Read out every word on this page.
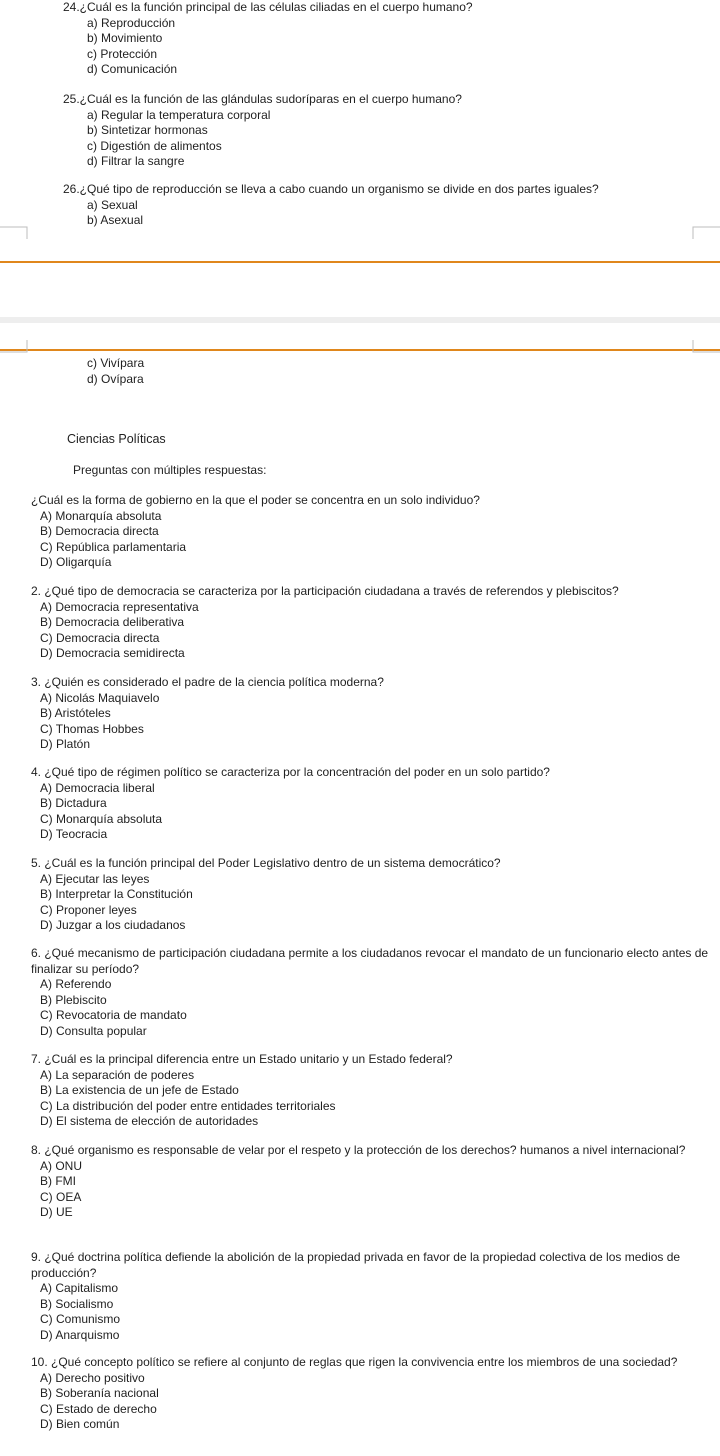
24.¿Cuál es la función principal de las células ciliadas en el cuerpo humano?
a) Reproducción
b) Movimiento
c) Protección
d) Comunicación
25.¿Cuál es la función de las glándulas sudoríparas en el cuerpo humano?
a) Regular la temperatura corporal
b) Sintetizar hormonas
c) Digestión de alimentos
d) Filtrar la sangre
26.¿Qué tipo de reproducción se lleva a cabo cuando un organismo se divide en dos partes iguales?
a) Sexual
b) Asexual
c) Vivípara
d) Ovípara
Ciencias Políticas
Preguntas con múltiples respuestas:
¿Cuál es la forma de gobierno en la que el poder se concentra en un solo individuo?
A) Monarquía absoluta
B) Democracia directa
C) República parlamentaria
D) Oligarquía
2. ¿Qué tipo de democracia se caracteriza por la participación ciudadana a través de referendos y plebiscitos?
A) Democracia representativa
B) Democracia deliberativa
C) Democracia directa
D) Democracia semidirecta
3. ¿Quién es considerado el padre de la ciencia política moderna?
A) Nicolás Maquiavelo
B) Aristóteles
C) Thomas Hobbes
D) Platón
4. ¿Qué tipo de régimen político se caracteriza por la concentración del poder en un solo partido?
A) Democracia liberal
B) Dictadura
C) Monarquía absoluta
D) Teocracia
5. ¿Cuál es la función principal del Poder Legislativo dentro de un sistema democrático?
A) Ejecutar las leyes
B) Interpretar la Constitución
C) Proponer leyes
D) Juzgar a los ciudadanos
6. ¿Qué mecanismo de participación ciudadana permite a los ciudadanos revocar el mandato de un funcionario electo antes de finalizar su período?
A) Referendo
B) Plebiscito
C) Revocatoria de mandato
D) Consulta popular
7. ¿Cuál es la principal diferencia entre un Estado unitario y un Estado federal?
A) La separación de poderes
B) La existencia de un jefe de Estado
C) La distribución del poder entre entidades territoriales
D) El sistema de elección de autoridades
8. ¿Qué organismo es responsable de velar por el respeto y la protección de los derechos? humanos a nivel internacional?
A) ONU
B) FMI
C) OEA
D) UE
9. ¿Qué doctrina política defiende la abolición de la propiedad privada en favor de la propiedad colectiva de los medios de producción?
A) Capitalismo
B) Socialismo
C) Comunismo
D) Anarquismo
10. ¿Qué concepto político se refiere al conjunto de reglas que rigen la convivencia entre los miembros de una sociedad?
A) Derecho positivo
B) Soberanía nacional
C) Estado de derecho
D) Bien común
